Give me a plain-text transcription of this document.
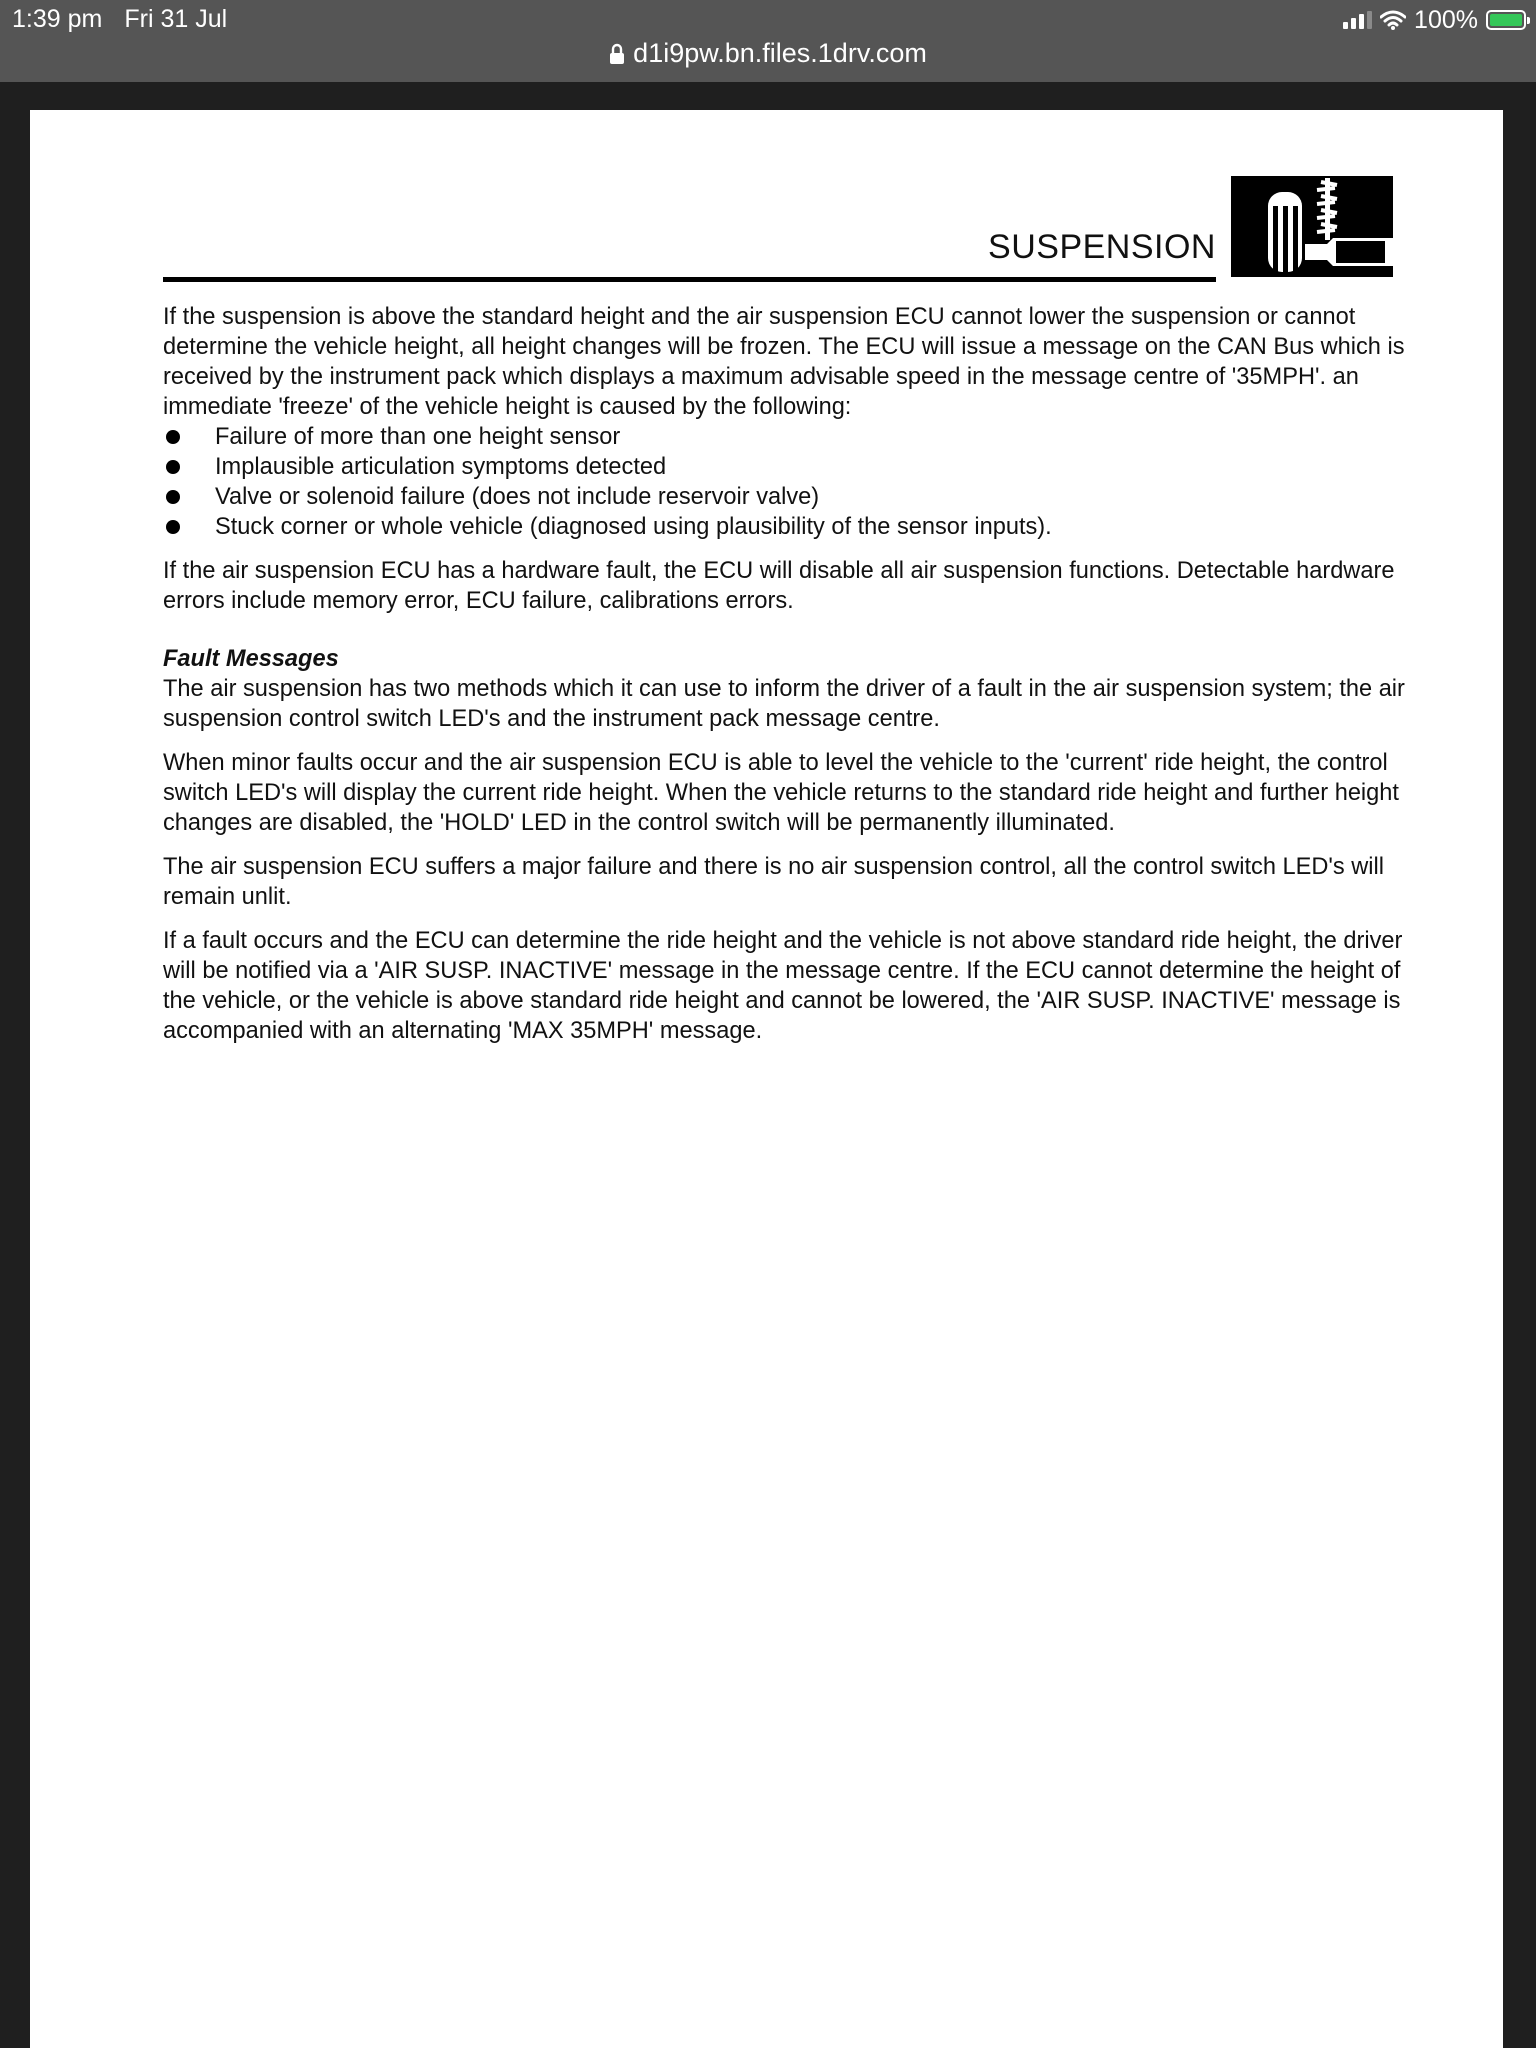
1:39 pm Fri 31 Jul	100%
d1i9pw.bn.files.1drv.com
SUSPENSION

If the suspension is above the standard height and the air suspension ECU cannot lower the suspension or cannot determine the vehicle height, all height changes will be frozen. The ECU will issue a message on the CAN Bus which is received by the instrument pack which displays a maximum advisable speed in the message centre of '35MPH'. an immediate 'freeze' of the vehicle height is caused by the following:

Failure of more than one height sensor
Implausible articulation symptoms detected
Valve or solenoid failure (does not include reservoir valve)
Stuck corner or whole vehicle (diagnosed using plausibility of the sensor inputs).

If the air suspension ECU has a hardware fault, the ECU will disable all air suspension functions. Detectable hardware errors include memory error, ECU failure, calibrations errors.

Fault Messages

The air suspension has two methods which it can use to inform the driver of a fault in the air suspension system; the air suspension control switch LED's and the instrument pack message centre.

When minor faults occur and the air suspension ECU is able to level the vehicle to the 'current' ride height, the control switch LED's will display the current ride height. When the vehicle returns to the standard ride height and further height changes are disabled, the 'HOLD' LED in the control switch will be permanently illuminated.

The air suspension ECU suffers a major failure and there is no air suspension control, all the control switch LED's will remain unlit.

If a fault occurs and the ECU can determine the ride height and the vehicle is not above standard ride height, the driver will be notified via a 'AIR SUSP. INACTIVE' message in the message centre. If the ECU cannot determine the height of the vehicle, or the vehicle is above standard ride height and cannot be lowered, the 'AIR SUSP. INACTIVE' message is accompanied with an alternating 'MAX 35MPH' message.
